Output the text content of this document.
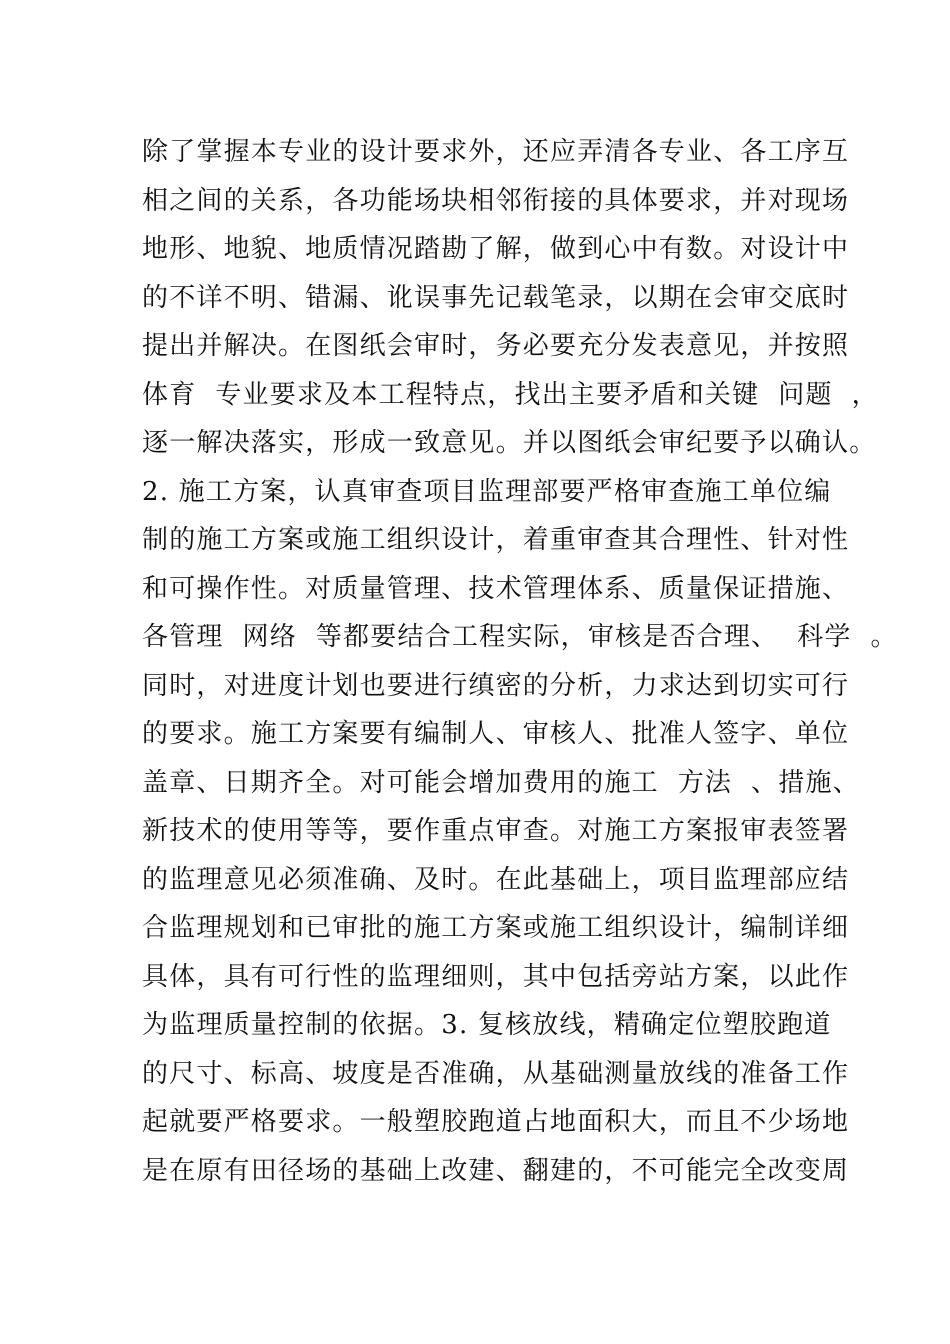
除了掌握本专业的设计要求外，还应弄清各专业、各工序互
相之间的关系，各功能场块相邻衔接的具体要求，并对现场
地形、地貌、地质情况踏勘了解，做到心中有数。对设计中
的不详不明、错漏、讹误事先记载笔录，以期在会审交底时
提出并解决。在图纸会审时，务必要充分发表意见，并按照
体育  专业要求及本工程特点，找出主要矛盾和关键  问题  ，
逐一解决落实，形成一致意见。并以图纸会审纪要予以确认。
2. 施工方案，认真审查项目监理部要严格审查施工单位编
制的施工方案或施工组织设计，着重审查其合理性、针对性
和可操作性。对质量管理、技术管理体系、质量保证措施、
各管理  网络  等都要结合工程实际，审核是否合理、  科学  。
同时，对进度计划也要进行缜密的分析，力求达到切实可行
的要求。施工方案要有编制人、审核人、批准人签字、单位
盖章、日期齐全。对可能会增加费用的施工  方法  、措施、
新技术的使用等等，要作重点审查。对施工方案报审表签署
的监理意见必须准确、及时。在此基础上，项目监理部应结
合监理规划和已审批的施工方案或施工组织设计，编制详细
具体，具有可行性的监理细则，其中包括旁站方案，以此作
为监理质量控制的依据。3. 复核放线，精确定位塑胶跑道
的尺寸、标高、坡度是否准确，从基础测量放线的准备工作
起就要严格要求。一般塑胶跑道占地面积大，而且不少场地
是在原有田径场的基础上改建、翻建的，不可能完全改变周
